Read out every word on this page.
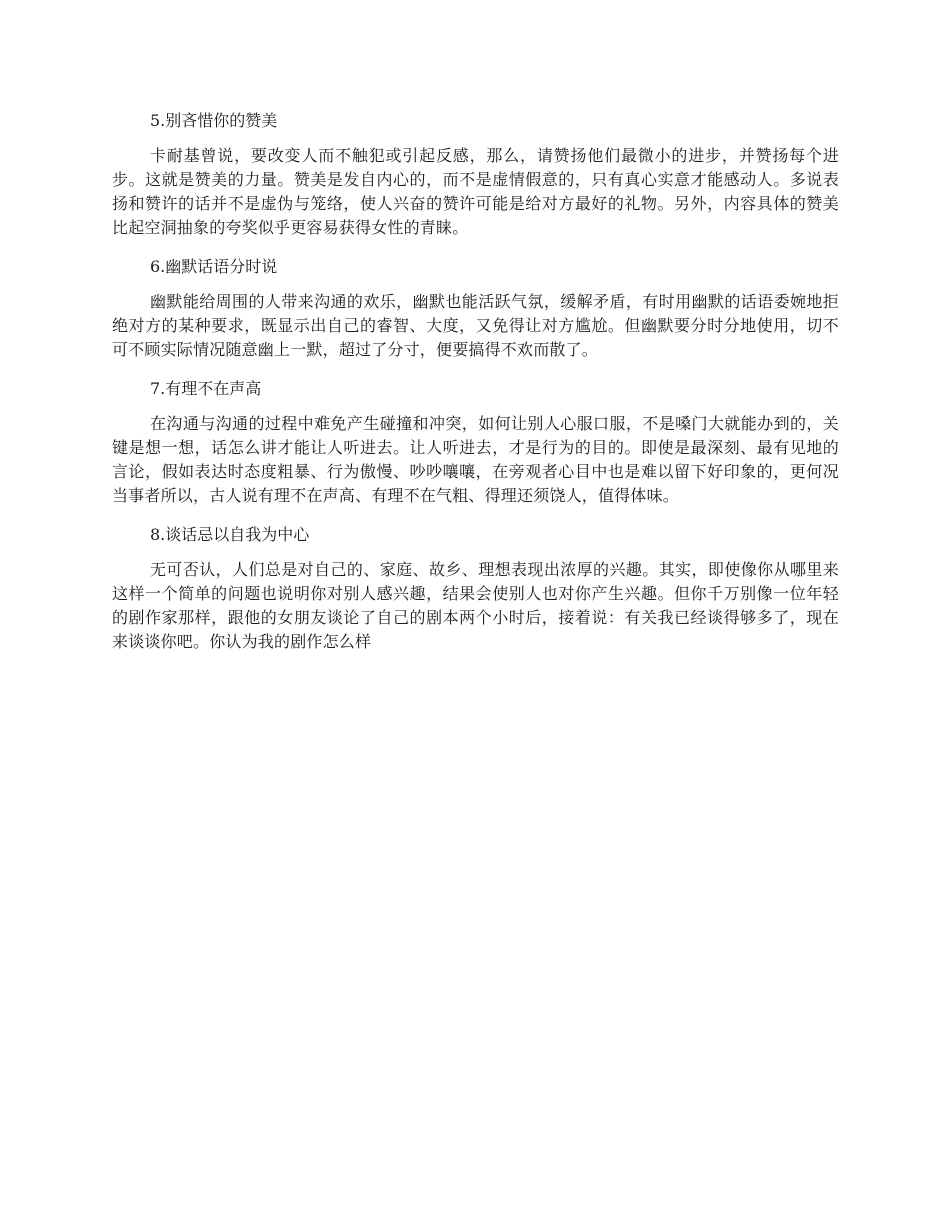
5.别吝惜你的赞美

卡耐基曾说，要改变人而不触犯或引起反感，那么，请赞扬他们最微小的进步，并赞扬每个进步。这就是赞美的力量。赞美是发自内心的，而不是虚情假意的，只有真心实意才能感动人。多说表扬和赞许的话并不是虚伪与笼络，使人兴奋的赞许可能是给对方最好的礼物。另外，内容具体的赞美比起空洞抽象的夸奖似乎更容易获得女性的青睐。

6.幽默话语分时说

幽默能给周围的人带来沟通的欢乐，幽默也能活跃气氛，缓解矛盾，有时用幽默的话语委婉地拒绝对方的某种要求，既显示出自己的睿智、大度，又免得让对方尴尬。但幽默要分时分地使用，切不可不顾实际情况随意幽上一默，超过了分寸，便要搞得不欢而散了。

7.有理不在声高

在沟通与沟通的过程中难免产生碰撞和冲突，如何让别人心服口服，不是嗓门大就能办到的，关键是想一想，话怎么讲才能让人听进去。让人听进去，才是行为的目的。即使是最深刻、最有见地的言论，假如表达时态度粗暴、行为傲慢、吵吵嚷嚷，在旁观者心目中也是难以留下好印象的，更何况当事者所以，古人说有理不在声高、有理不在气粗、得理还须饶人，值得体味。

8.谈话忌以自我为中心

无可否认，人们总是对自己的、家庭、故乡、理想表现出浓厚的兴趣。其实，即使像你从哪里来这样一个简单的问题也说明你对别人感兴趣，结果会使别人也对你产生兴趣。但你千万别像一位年轻的剧作家那样，跟他的女朋友谈论了自己的剧本两个小时后，接着说：有关我已经谈得够多了，现在来谈谈你吧。你认为我的剧作怎么样
